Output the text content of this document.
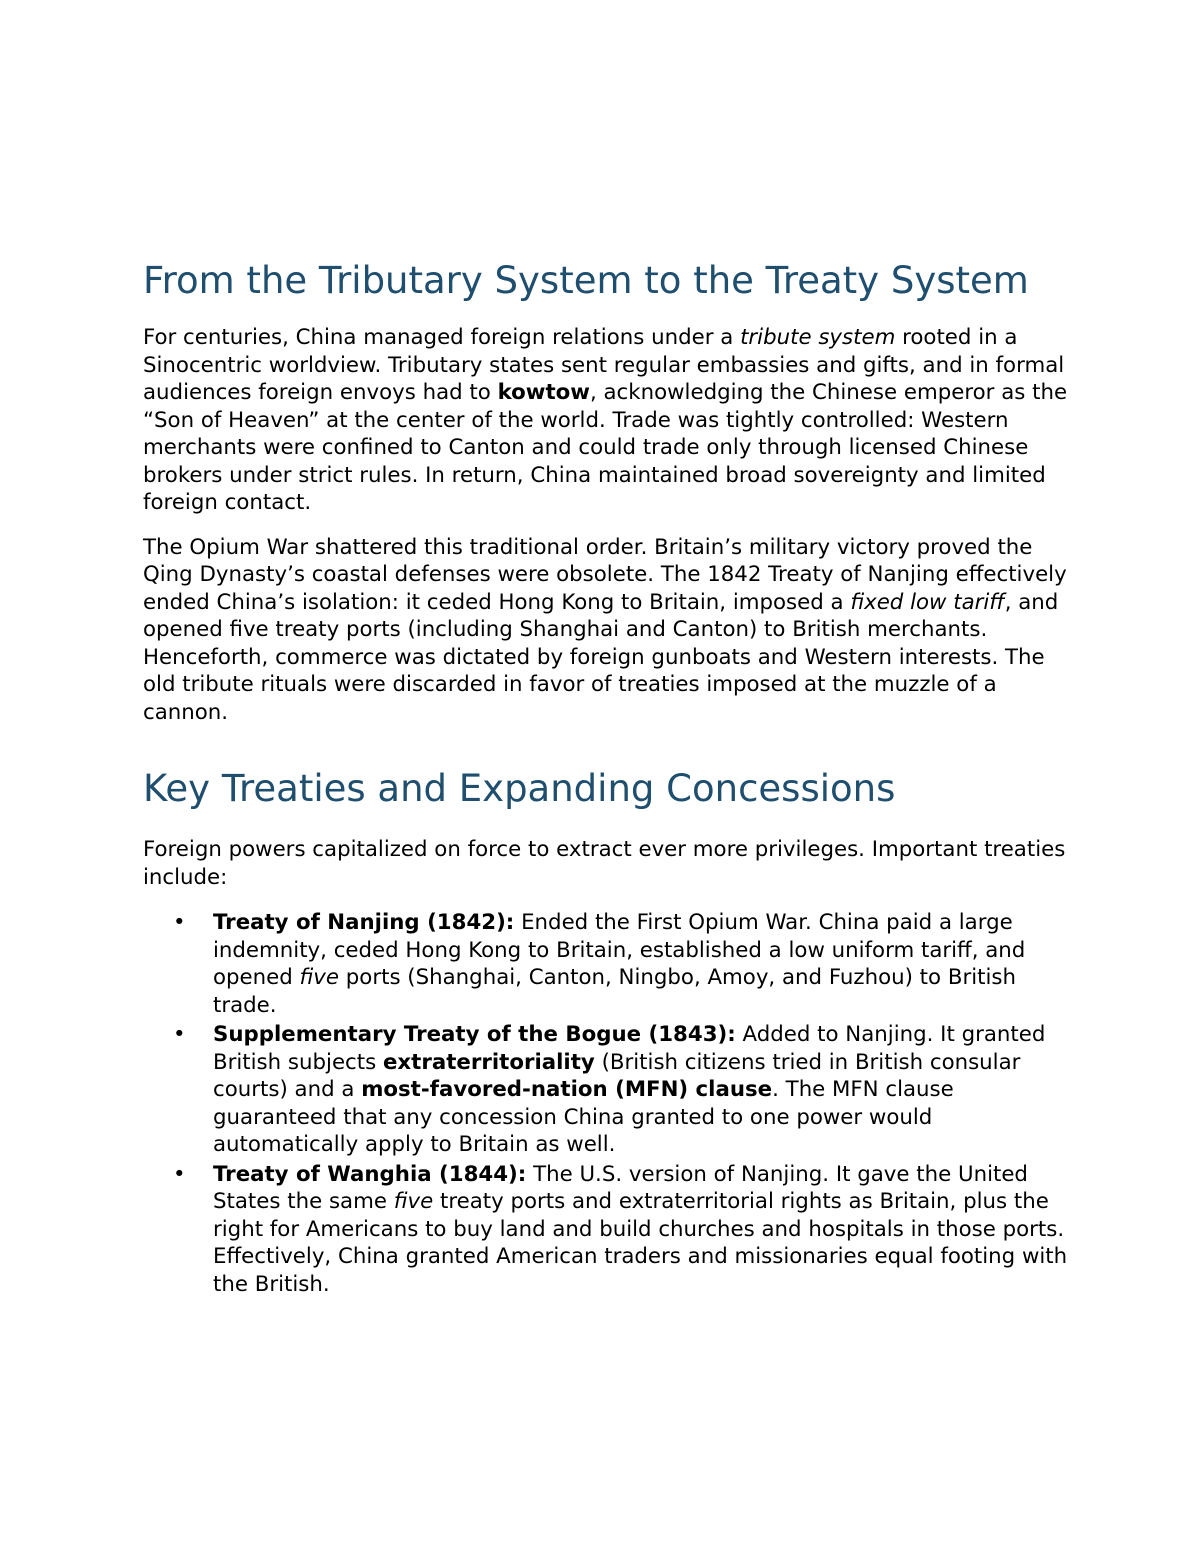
From the Tributary System to the Treaty System

For centuries, China managed foreign relations under a tribute system rooted in a Sinocentric worldview. Tributary states sent regular embassies and gifts, and in formal audiences foreign envoys had to kowtow, acknowledging the Chinese emperor as the “Son of Heaven” at the center of the world. Trade was tightly controlled: Western merchants were confined to Canton and could trade only through licensed Chinese brokers under strict rules. In return, China maintained broad sovereignty and limited foreign contact.

The Opium War shattered this traditional order. Britain’s military victory proved the Qing Dynasty’s coastal defenses were obsolete. The 1842 Treaty of Nanjing effectively ended China’s isolation: it ceded Hong Kong to Britain, imposed a fixed low tariff, and opened five treaty ports (including Shanghai and Canton) to British merchants. Henceforth, commerce was dictated by foreign gunboats and Western interests. The old tribute rituals were discarded in favor of treaties imposed at the muzzle of a cannon.

Key Treaties and Expanding Concessions

Foreign powers capitalized on force to extract ever more privileges. Important treaties include:

•	Treaty of Nanjing (1842): Ended the First Opium War. China paid a large indemnity, ceded Hong Kong to Britain, established a low uniform tariff, and opened five ports (Shanghai, Canton, Ningbo, Amoy, and Fuzhou) to British trade.
•	Supplementary Treaty of the Bogue (1843): Added to Nanjing. It granted British subjects extraterritoriality (British citizens tried in British consular courts) and a most-favored-nation (MFN) clause. The MFN clause guaranteed that any concession China granted to one power would automatically apply to Britain as well.
•	Treaty of Wanghia (1844): The U.S. version of Nanjing. It gave the United States the same five treaty ports and extraterritorial rights as Britain, plus the right for Americans to buy land and build churches and hospitals in those ports. Effectively, China granted American traders and missionaries equal footing with the British.
